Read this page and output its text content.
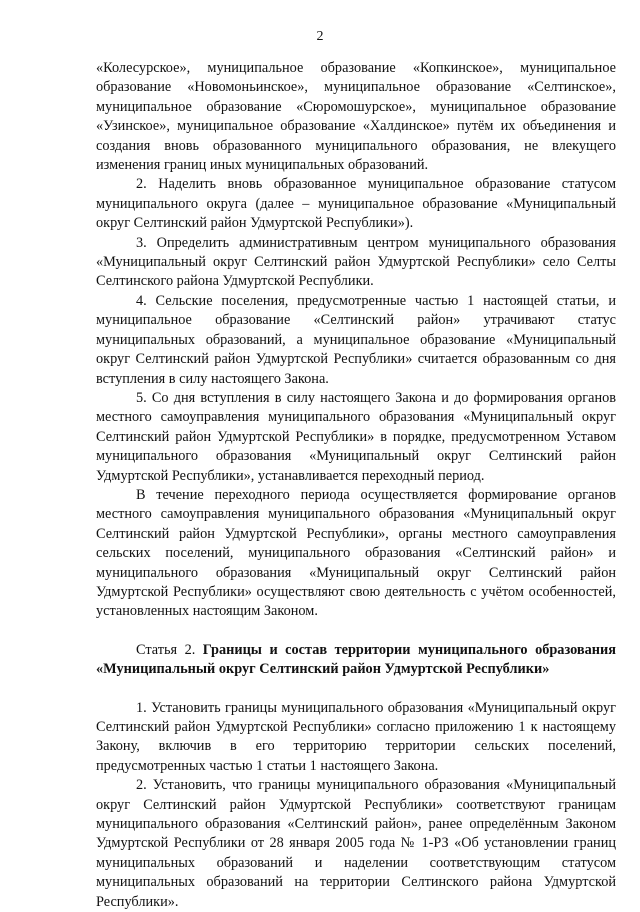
2

«Колесурское», муниципальное образование «Копкинское», муниципальное образование «Новомоньинское», муниципальное образование «Селтинское», муниципальное образование «Сюромошурское», муниципальное образование «Узинское», муниципальное образование «Халдинское» путём их объединения и создания вновь образованного муниципального образования, не влекущего изменения границ иных муниципальных образований.

2. Наделить вновь образованное муниципальное образование статусом муниципального округа (далее – муниципальное образование «Муниципальный округ Селтинский район Удмуртской Республики»).

3. Определить административным центром муниципального образования «Муниципальный округ Селтинский район Удмуртской Республики» село Селты Селтинского района Удмуртской Республики.

4. Сельские поселения, предусмотренные частью 1 настоящей статьи, и муниципальное образование «Селтинский район» утрачивают статус муниципальных образований, а муниципальное образование «Муниципальный округ Селтинский район Удмуртской Республики» считается образованным со дня вступления в силу настоящего Закона.

5. Со дня вступления в силу настоящего Закона и до формирования органов местного самоуправления муниципального образования «Муниципальный округ Селтинский район Удмуртской Республики» в порядке, предусмотренном Уставом муниципального образования «Муниципальный округ Селтинский район Удмуртской Республики», устанавливается переходный период.

В течение переходного периода осуществляется формирование органов местного самоуправления муниципального образования «Муниципальный округ Селтинский район Удмуртской Республики», органы местного самоуправления сельских поселений, муниципального образования «Селтинский район» и муниципального образования «Муниципальный округ Селтинский район Удмуртской Республики» осуществляют свою деятельность с учётом особенностей, установленных настоящим Законом.

Статья 2. Границы и состав территории муниципального образования «Муниципальный округ Селтинский район Удмуртской Республики»

1. Установить границы муниципального образования «Муниципальный округ Селтинский район Удмуртской Республики» согласно приложению 1 к настоящему Закону, включив в его территорию территории сельских поселений, предусмотренных частью 1 статьи 1 настоящего Закона.

2. Установить, что границы муниципального образования «Муниципальный округ Селтинский район Удмуртской Республики» соответствуют границам муниципального образования «Селтинский район», ранее определённым Законом Удмуртской Республики от 28 января 2005 года № 1-РЗ «Об установлении границ муниципальных образований и наделении соответствующим статусом муниципальных образований на территории Селтинского района Удмуртской Республики».
